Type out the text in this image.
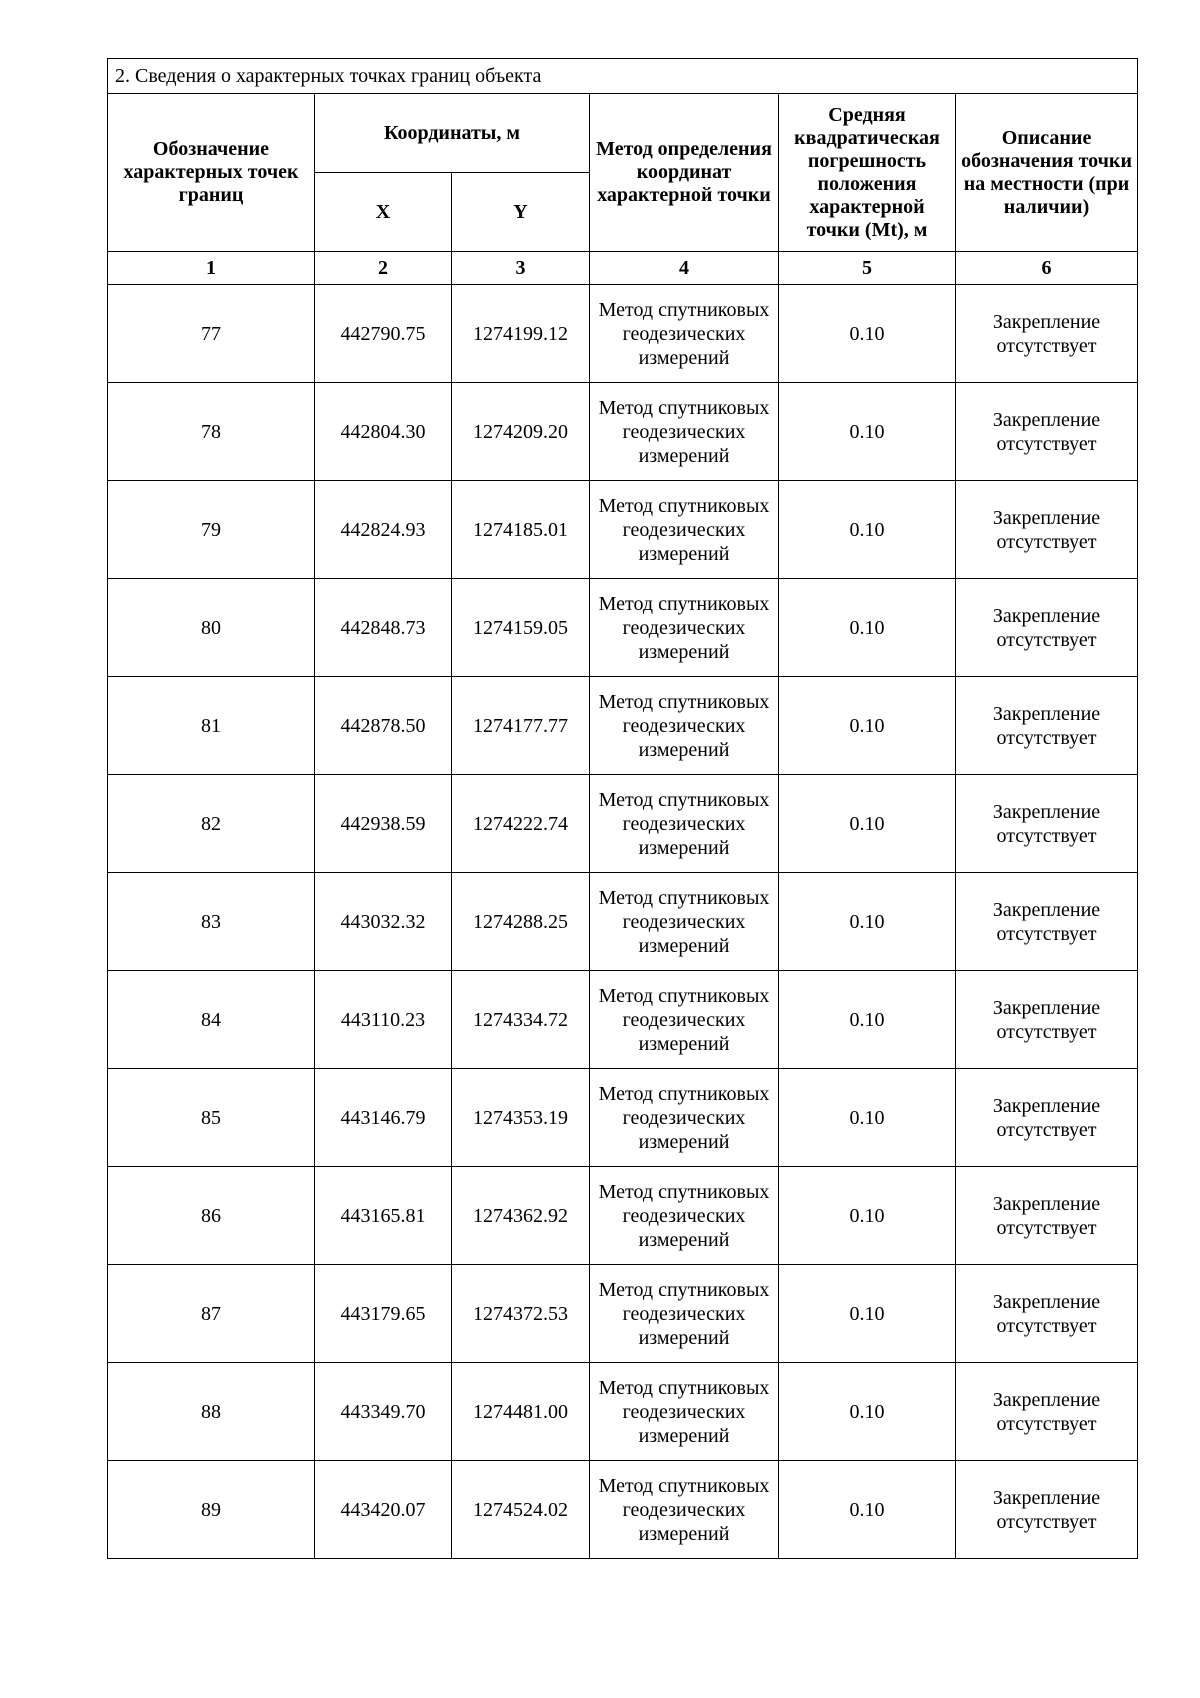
2. Сведения о характерных точках границ объекта					
Обозначение характерных точек границ	Координаты, м		Метод определения координат характерной точки	Средняя квадратическая погрешность положения характерной точки (Mt), м	Описание обозначения точки на местности (при наличии)
	X	Y			
1	2	3	4	5	6
77	442790.75	1274199.12	Метод спутниковых геодезических измерений	0.10	Закрепление отсутствует
78	442804.30	1274209.20	Метод спутниковых геодезических измерений	0.10	Закрепление отсутствует
79	442824.93	1274185.01	Метод спутниковых геодезических измерений	0.10	Закрепление отсутствует
80	442848.73	1274159.05	Метод спутниковых геодезических измерений	0.10	Закрепление отсутствует
81	442878.50	1274177.77	Метод спутниковых геодезических измерений	0.10	Закрепление отсутствует
82	442938.59	1274222.74	Метод спутниковых геодезических измерений	0.10	Закрепление отсутствует
83	443032.32	1274288.25	Метод спутниковых геодезических измерений	0.10	Закрепление отсутствует
84	443110.23	1274334.72	Метод спутниковых геодезических измерений	0.10	Закрепление отсутствует
85	443146.79	1274353.19	Метод спутниковых геодезических измерений	0.10	Закрепление отсутствует
86	443165.81	1274362.92	Метод спутниковых геодезических измерений	0.10	Закрепление отсутствует
87	443179.65	1274372.53	Метод спутниковых геодезических измерений	0.10	Закрепление отсутствует
88	443349.70	1274481.00	Метод спутниковых геодезических измерений	0.10	Закрепление отсутствует
89	443420.07	1274524.02	Метод спутниковых геодезических измерений	0.10	Закрепление отсутствует
